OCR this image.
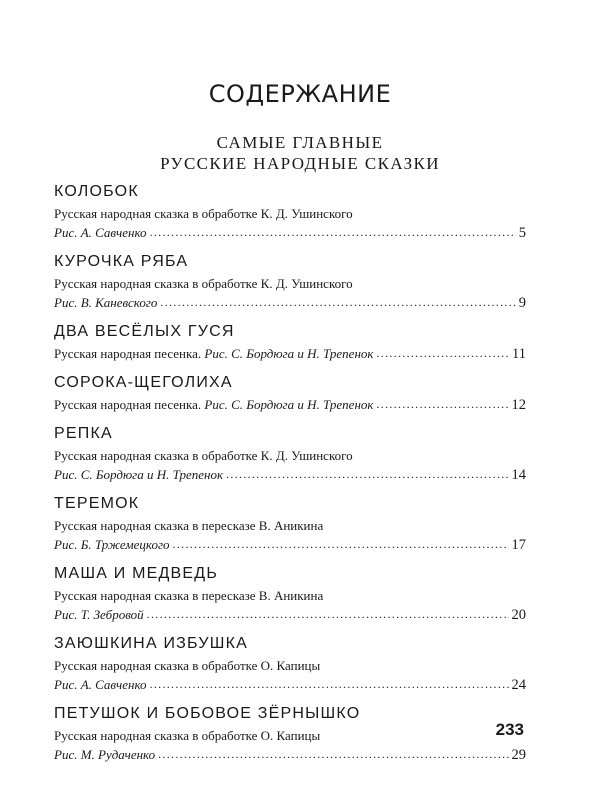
СОДЕРЖАНИЕ
САМЫЕ ГЛАВНЫЕ
РУССКИЕ НАРОДНЫЕ СКАЗКИ
КОЛОБОК
Русская народная сказка в обработке К. Д. Ушинского
Рис. А. Савченко .....	5
КУРОЧКА РЯБА
Русская народная сказка в обработке К. Д. Ушинского
Рис. В. Каневского .....	9
ДВА ВЕСЁЛЫХ ГУСЯ
Русская народная песенка.
Рис. С. Бордюга и Н. Трепенок .....	11
СОРОКА-ЩЕГОЛИХА
Русская народная песенка.
Рис. С. Бордюга и Н. Трепенок .....	12
РЕПКА
Русская народная сказка в обработке К. Д. Ушинского
Рис. С. Бордюга и Н. Трепенок .....	14
ТЕРЕМОК
Русская народная сказка в пересказе В. Аникина
Рис. Б. Тржемецкого .....	17
МАША И МЕДВЕДЬ
Русская народная сказка в пересказе В. Аникина
Рис. Т. Зебровой .....	20
ЗАЮШКИНА ИЗБУШКА
Русская народная сказка в обработке О. Капицы
Рис. А. Савченко .....	24
ПЕТУШОК И БОБОВОЕ ЗЁРНЫШКО
Русская народная сказка в обработке О. Капицы
Рис. М. Рудаченко .....	29
233
